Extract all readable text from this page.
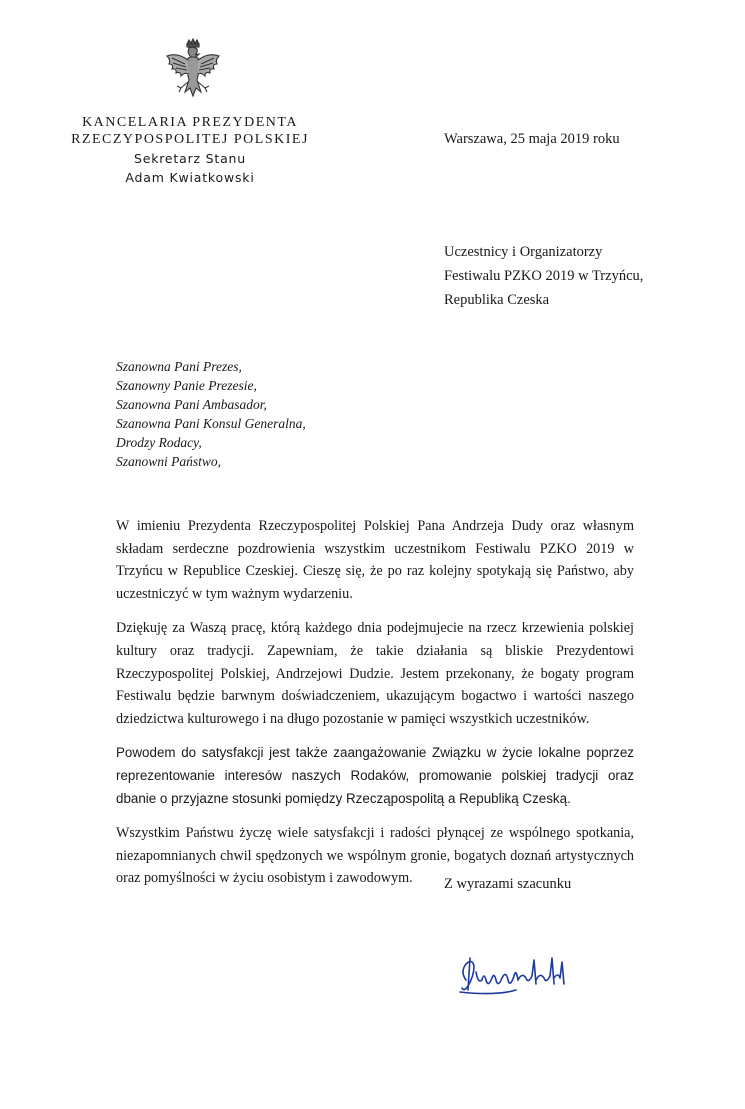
KANCELARIA PREZYDENTA
RZECZYPOSPOLITEJ POLSKIEJ
Sekretarz Stanu
Adam Kwiatkowski
Warszawa, 25 maja 2019 roku
Uczestnicy i Organizatorzy
Festiwalu PZKO 2019 w Trzyńcu,
Republika Czeska
Szanowna Pani Prezes,
Szanowny Panie Prezesie,
Szanowna Pani Ambasador,
Szanowna Pani Konsul Generalna,
Drodzy Rodacy,
Szanowni Państwo,

W imieniu Prezydenta Rzeczypospolitej Polskiej Pana Andrzeja Dudy oraz własnym składam serdeczne pozdrowienia wszystkim uczestnikom Festiwalu PZKO 2019 w Trzyńcu w Republice Czeskiej. Cieszę się, że po raz kolejny spotykają się Państwo, aby uczestniczyć w tym ważnym wydarzeniu.

Dziękuję za Waszą pracę, którą każdego dnia podejmujecie na rzecz krzewienia polskiej kultury oraz tradycji. Zapewniam, że takie działania są bliskie Prezydentowi Rzeczypospolitej Polskiej, Andrzejowi Dudzie. Jestem przekonany, że bogaty program Festiwalu będzie barwnym doświadczeniem, ukazującym bogactwo i wartości naszego dziedzictwa kulturowego i na długo pozostanie w pamięci wszystkich uczestników.

Powodem do satysfakcji jest także zaangażowanie Związku w życie lokalne poprzez reprezentowanie interesów naszych Rodaków, promowanie polskiej tradycji oraz dbanie o przyjazne stosunki pomiędzy Rzecząpospolitą a Republiką Czeską.

Wszystkim Państwu życzę wiele satysfakcji i radości płynącej ze wspólnego spotkania, niezapomnianych chwil spędzonych we wspólnym gronie, bogatych doznań artystycznych oraz pomyślności w życiu osobistym i zawodowym.	Z wyrazami szacunku
